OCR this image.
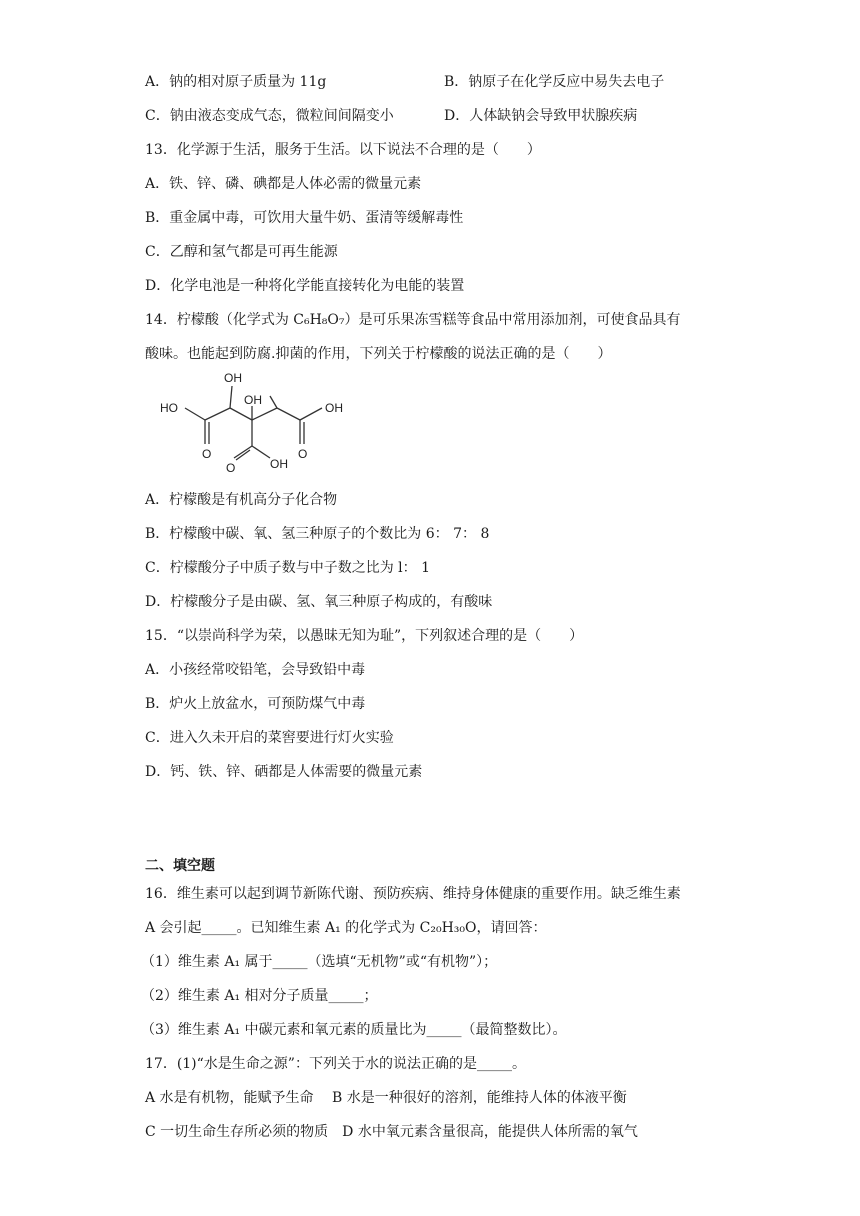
A．钠的相对原子质量为 11g	B．钠原子在化学反应中易失去电子
C．钠由液态变成气态，微粒间间隔变小	D．人体缺钠会导致甲状腺疾病
13．化学源于生活，服务于生活。以下说法不合理的是（　　）
A．铁、锌、磷、碘都是人体必需的微量元素
B．重金属中毒，可饮用大量牛奶、蛋清等缓解毒性
C．乙醇和氢气都是可再生能源
D．化学电池是一种将化学能直接转化为电能的装置
14．柠檬酸（化学式为 C₆H₈O₇）是可乐果冻雪糕等食品中常用添加剂，可使食品具有
酸味。也能起到防腐.抑菌的作用，下列关于柠檬酸的说法正确的是（　　）
OH
HO
OH
OH
O
O	OH
O
A．柠檬酸是有机高分子化合物
B．柠檬酸中碳、氧、氢三种原子的个数比为 6： 7： 8
C．柠檬酸分子中质子数与中子数之比为 l： 1
D．柠檬酸分子是由碳、氢、氧三种原子构成的，有酸味
15．“以崇尚科学为荣，以愚昧无知为耻”，下列叙述合理的是（　　）
A．小孩经常咬铅笔，会导致铅中毒
B．炉火上放盆水，可预防煤气中毒
C．进入久未开启的菜窖要进行灯火实验
D．钙、铁、锌、硒都是人体需要的微量元素
二、填空题
16．维生素可以起到调节新陈代谢、预防疾病、维持身体健康的重要作用。缺乏维生素
A 会引起_____。已知维生素 A₁ 的化学式为 C₂₀H₃₀O，请回答：
（1）维生素 A₁ 属于_____（选填“无机物”或“有机物”）；
（2）维生素 A₁ 相对分子质量_____；
（3）维生素 A₁ 中碳元素和氧元素的质量比为_____（最简整数比）。
17．(1)“水是生命之源”：下列关于水的说法正确的是_____。
A 水是有机物，能赋予生命　 B 水是一种很好的溶剂，能维持人体的体液平衡
C 一切生命生存所必须的物质　D 水中氧元素含量很高，能提供人体所需的氧气
